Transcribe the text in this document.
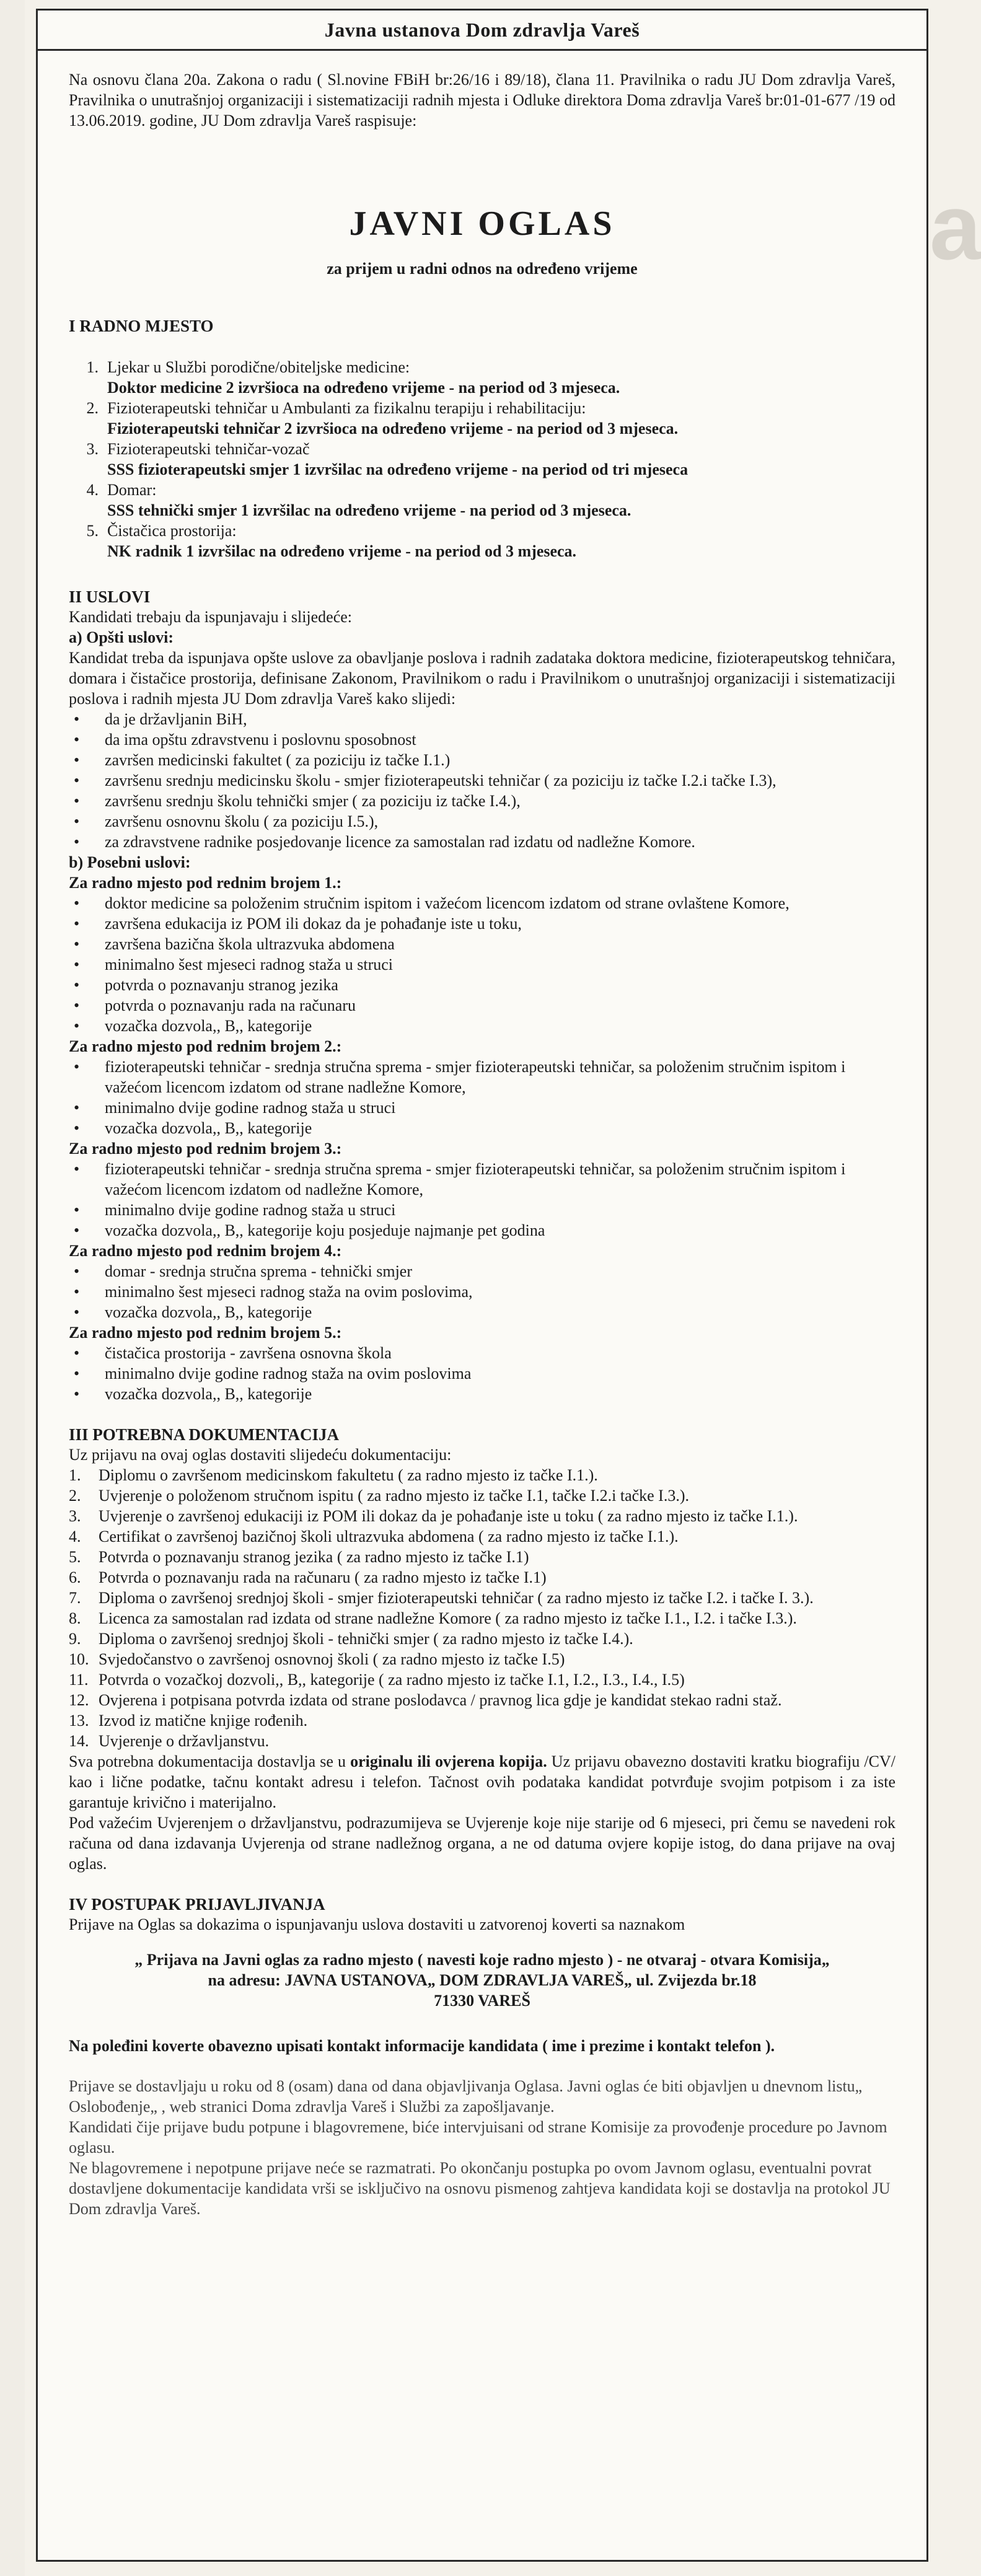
a
Javna ustanova Dom zdravlja Vareš

Na osnovu člana 20a. Zakona o radu ( Sl.novine FBiH br:26/16 i 89/18), člana 11. Pravilnika o radu JU Dom zdravlja Vareš, Pravilnika o unutrašnjoj organizaciji i sistematizaciji radnih mjesta i Odluke direktora Doma zdravlja Vareš br:01-01-677 /19 od 13.06.2019. godine, JU Dom zdravlja Vareš raspisuje:

JAVNI OGLAS
za prijem u radni odnos na određeno vrijeme
I RADNO MJESTO
1. Ljekar u Službi porodične/obiteljske medicine:
Doktor medicine 2 izvršioca na određeno vrijeme - na period od 3 mjeseca.
2. Fizioterapeutski tehničar u Ambulanti za fizikalnu terapiju i rehabilitaciju:
Fizioterapeutski tehničar 2 izvršioca na određeno vrijeme - na period od 3 mjeseca.
3. Fizioterapeutski tehničar-vozač
SSS fizioterapeutski smjer 1 izvršilac na određeno vrijeme - na period od tri mjeseca
4. Domar:
SSS tehnički smjer 1 izvršilac na određeno vrijeme - na period od 3 mjeseca.
5. Čistačica prostorija:
NK radnik 1 izvršilac na određeno vrijeme - na period od 3 mjeseca.
II USLOVI

Kandidati trebaju da ispunjavaju i slijedeće:

a) Opšti uslovi:

Kandidat treba da ispunjava opšte uslove za obavljanje poslova i radnih zadataka doktora medicine, fizioterapeutskog tehničara, domara i čistačice prostorija, definisane Zakonom, Pravilnikom o radu i Pravilnikom o unutrašnjoj organizaciji i sistematizaciji poslova i radnih mjesta JU Dom zdravlja Vareš kako slijedi:

• da je državljanin BiH,
• da ima opštu zdravstvenu i poslovnu sposobnost
• završen medicinski fakultet ( za poziciju iz tačke I.1.)
• završenu srednju medicinsku školu - smjer fizioterapeutski tehničar ( za poziciju iz tačke I.2.i tačke I.3),
• završenu srednju školu tehnički smjer ( za poziciju iz tačke I.4.),
• završenu osnovnu školu ( za poziciju I.5.),
• za zdravstvene radnike posjedovanje licence za samostalan rad izdatu od nadležne Komore.

b) Posebni uslovi:

Za radno mjesto pod rednim brojem 1.:

• doktor medicine sa položenim stručnim ispitom i važećom licencom izdatom od strane ovlaštene Komore,
• završena edukacija iz POM ili dokaz da je pohađanje iste u toku,
• završena bazična škola ultrazvuka abdomena
• minimalno šest mjeseci radnog staža u struci
• potvrda o poznavanju stranog jezika
• potvrda o poznavanju rada na računaru
• vozačka dozvola,, B,, kategorije

Za radno mjesto pod rednim brojem 2.:

• fizioterapeutski tehničar - srednja stručna sprema - smjer fizioterapeutski tehničar, sa položenim stručnim ispitom i važećom licencom izdatom od strane nadležne Komore,
• minimalno dvije godine radnog staža u struci
• vozačka dozvola,, B,, kategorije

Za radno mjesto pod rednim brojem 3.:

• fizioterapeutski tehničar - srednja stručna sprema - smjer fizioterapeutski tehničar, sa položenim stručnim ispitom i važećom licencom izdatom od nadležne Komore,
• minimalno dvije godine radnog staža u struci
• vozačka dozvola,, B,, kategorije koju posjeduje najmanje pet godina

Za radno mjesto pod rednim brojem 4.:

• domar - srednja stručna sprema - tehnički smjer
• minimalno šest mjeseci radnog staža na ovim poslovima,
• vozačka dozvola,, B,, kategorije

Za radno mjesto pod rednim brojem 5.:

• čistačica prostorija - završena osnovna škola
• minimalno dvije godine radnog staža na ovim poslovima
• vozačka dozvola,, B,, kategorije
III POTREBNA DOKUMENTACIJA

Uz prijavu na ovaj oglas dostaviti slijedeću dokumentaciju:

1.	Diplomu o završenom medicinskom fakultetu ( za radno mjesto iz tačke I.1.).
2.	Uvjerenje o položenom stručnom ispitu ( za radno mjesto iz tačke I.1, tačke I.2.i tačke I.3.).
3.	Uvjerenje o završenoj edukaciji iz POM ili dokaz da je pohađanje iste u toku ( za radno mjesto iz tačke I.1.).
4.	Certifikat o završenoj bazičnoj školi ultrazvuka abdomena ( za radno mjesto iz tačke I.1.).
5.	Potvrda o poznavanju stranog jezika ( za radno mjesto iz tačke I.1)
6.	Potvrda o poznavanju rada na računaru ( za radno mjesto iz tačke I.1)
7.	Diploma o završenoj srednjoj školi - smjer fizioterapeutski tehničar ( za radno mjesto iz tačke I.2. i tačke I. 3.).
8.	Licenca za samostalan rad izdata od strane nadležne Komore ( za radno mjesto iz tačke I.1., I.2. i tačke I.3.).
9.	Diploma o završenoj srednjoj školi - tehnički smjer ( za radno mjesto iz tačke I.4.).
10. Svjedočanstvo o završenoj osnovnoj školi ( za radno mjesto iz tačke I.5)
11. Potvrda o vozačkoj dozvoli,, B,, kategorije ( za radno mjesto iz tačke I.1, I.2., I.3., I.4., I.5)
12. Ovjerena i potpisana potvrda izdata od strane poslodavca / pravnog lica gdje je kandidat stekao radni staž.
13. Izvod iz matične knjige rođenih.
14. Uvjerenje o državljanstvu.

Sva potrebna dokumentacija dostavlja se u originalu ili ovjerena kopija. Uz prijavu obavezno dostaviti kratku biografiju /CV/ kao i lične podatke, tačnu kontakt adresu i telefon. Tačnost ovih podataka kandidat potvrđuje svojim potpisom i za iste garantuje krivično i materijalno.

Pod važećim Uvjerenjem o državljanstvu, podrazumijeva se Uvjerenje koje nije starije od 6 mjeseci, pri čemu se navedeni rok računa od dana izdavanja Uvjerenja od strane nadležnog organa, a ne od datuma ovjere kopije istog, do dana prijave na ovaj oglas.

IV POSTUPAK PRIJAVLJIVANJA

Prijave na Oglas sa dokazima o ispunjavanju uslova dostaviti u zatvorenoj koverti sa naznakom

„ Prijava na Javni oglas za radno mjesto ( navesti koje radno mjesto ) - ne otvaraj - otvara Komisija„

na adresu: JAVNA USTANOVA„ DOM ZDRAVLJA VAREŠ„ ul. Zvijezda br.18

71330 VAREŠ

Na poleđini koverte obavezno upisati kontakt informacije kandidata ( ime i prezime i kontakt telefon ).

Prijave se dostavljaju u roku od 8 (osam) dana od dana objavljivanja Oglasa. Javni oglas će biti objavljen u dnevnom listu„ Oslobođenje„ , web stranici Doma zdravlja Vareš i Službi za zapošljavanje.

Kandidati čije prijave budu potpune i blagovremene, biće intervjuisani od strane Komisije za provođenje procedure po Javnom oglasu.

Ne blagovremene i nepotpune prijave neće se razmatrati. Po okončanju postupka po ovom Javnom oglasu, eventualni povrat dostavljene dokumentacije kandidata vrši se isključivo na osnovu pismenog zahtjeva kandidata koji se dostavlja na protokol JU Dom zdravlja Vareš.
